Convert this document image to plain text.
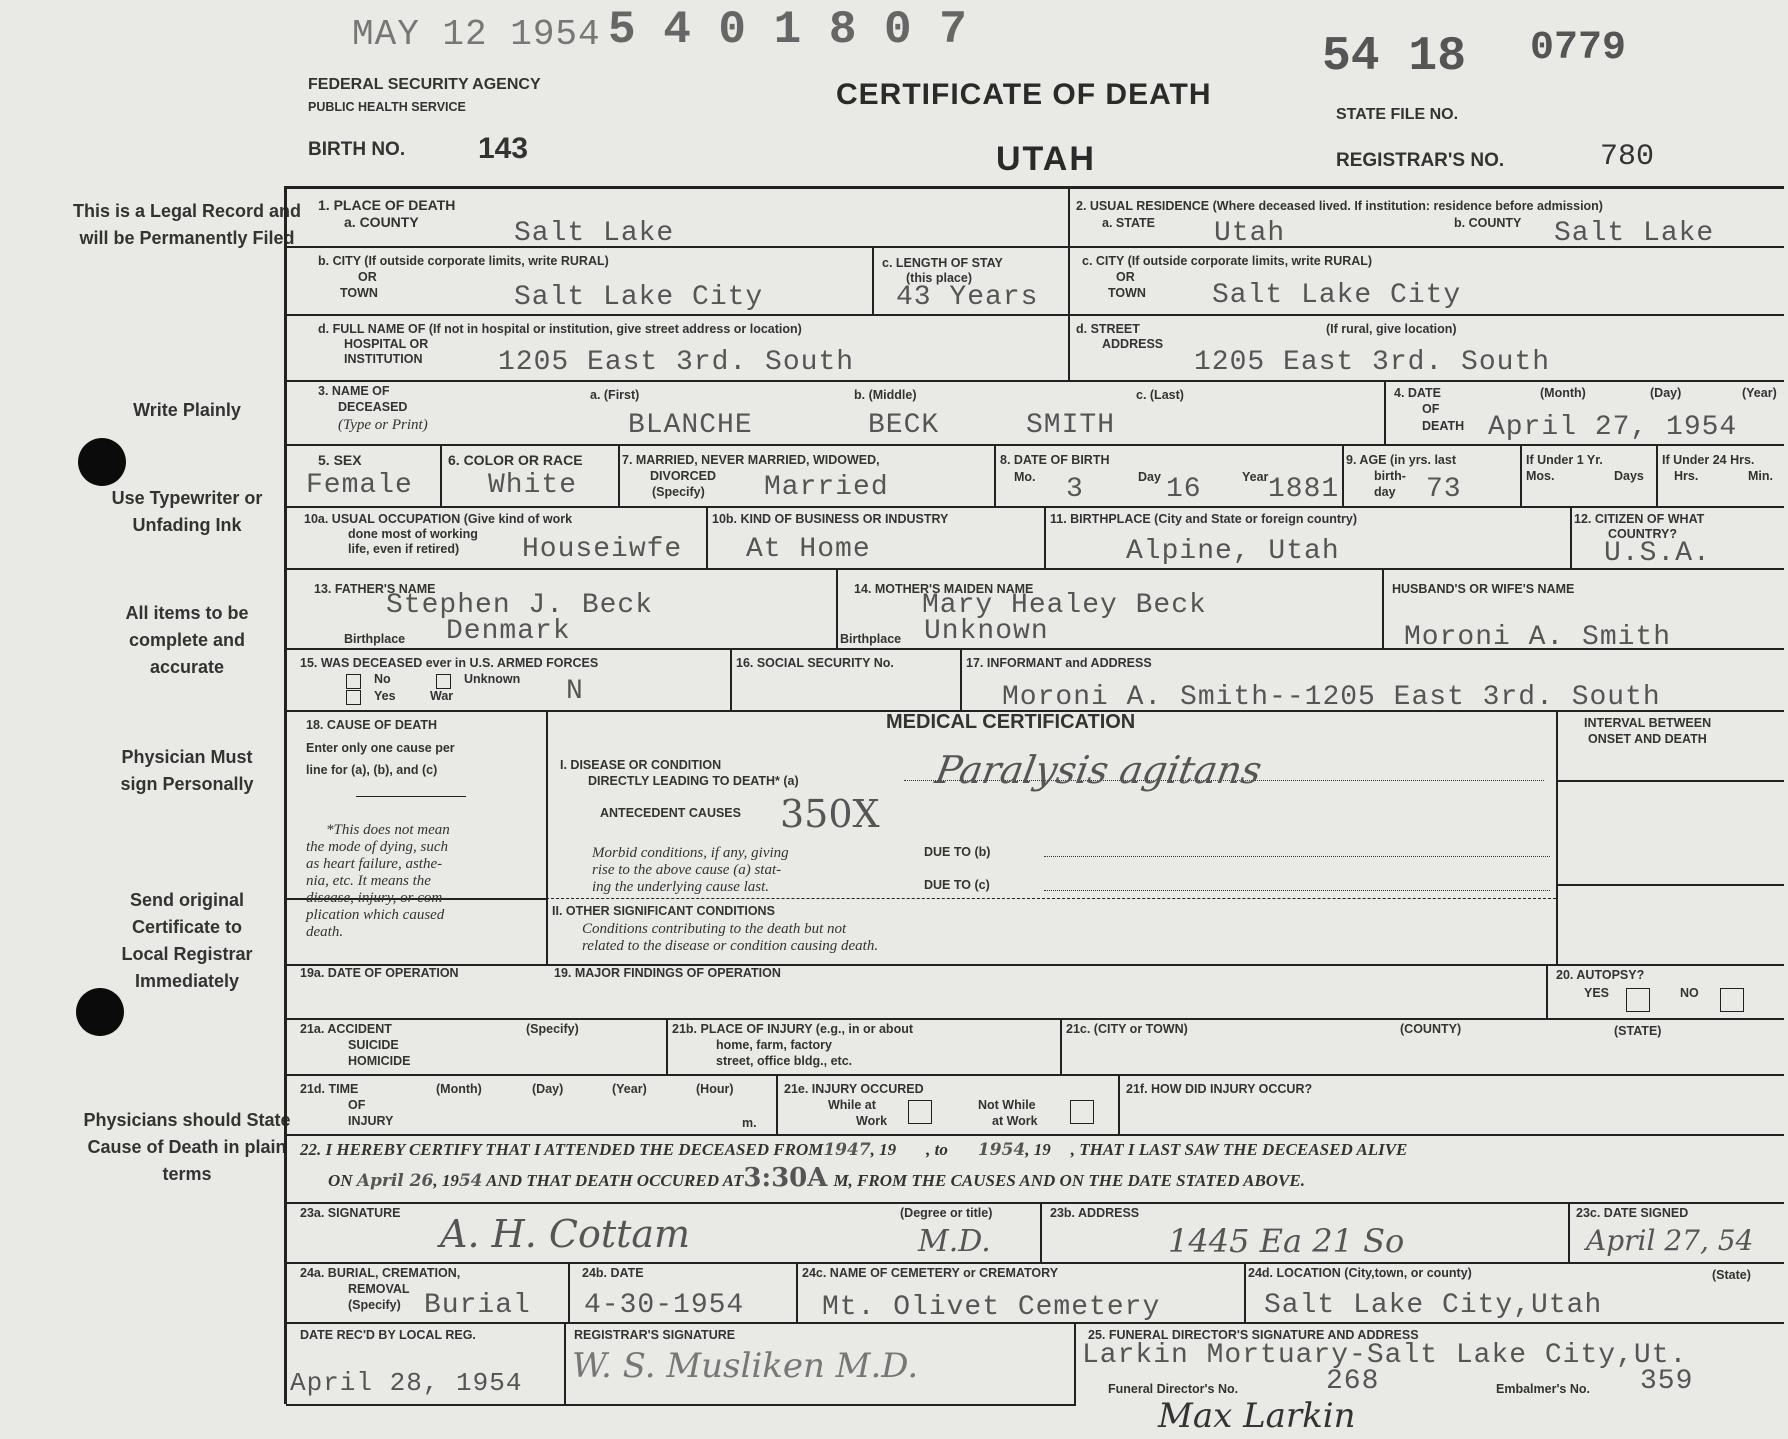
MAY 12 1954 5 4 0 1 8 0 7
FEDERAL SECURITY AGENCY
PUBLIC HEALTH SERVICE
BIRTH NO. 143
CERTIFICATE OF DEATH
UTAH
54 18 0779
STATE FILE NO.
REGISTRAR'S NO.	780
This is a Legal Record and will be Permanently Filed
Write Plainly
Use Typewriter or Unfading Ink
All items to be complete and accurate
Physician Must sign Personally
Send original Certificate to Local Registrar Immediately
Physicians should State Cause of Death in plain terms
1. PLACE OF DEATH
a. COUNTY	Salt Lake
b. CITY (If outside corporate limits, write RURAL)
OR
TOWN	Salt Lake City
c. LENGTH OF STAY
(this place)
43 Years
d. FULL NAME OF (If not in hospital or institution, give street address or location)
HOSPITAL OR
INSTITUTION	1205 East 3rd. South
2. USUAL RESIDENCE (Where deceased lived. If institution: residence before admission)
a. STATE Utah	b. COUNTY Salt Lake
c. CITY (If outside corporate limits, write RURAL)
OR
TOWN Salt Lake City
d. STREET
ADDRESS
(If rural, give location)
1205 East 3rd. South
3. NAME OF
DECEASED
(Type or Print)
a. (First)	b. (Middle)	c. (Last)
BLANCHE	BECK	SMITH
4. DATE
OF
DEATH
(Month)	(Day)	(Year)
April 27, 1954
5. SEX
Female
6. COLOR OR RACE
White
7. MARRIED, NEVER MARRIED, WIDOWED,
DIVORCED
(Specify) Married
8. DATE OF BIRTH
Mo.	Day	Year
3	16 1881
9. AGE (in yrs. last
birth-
day 73
If Under 1 Yr.
Mos.	Days
If Under 24 Hrs.
Hrs.	Min.
10a. USUAL OCCUPATION (Give kind of work
done most of working
life, even if retired) Houseiwfe
10b. KIND OF BUSINESS OR INDUSTRY
At Home
11. BIRTHPLACE (City and State or foreign country)
Alpine, Utah
12. CITIZEN OF WHAT
COUNTRY?
U.S.A.
13. FATHER'S NAME
Stephen J. Beck
Birthplace Denmark
14. MOTHER'S MAIDEN NAME
Mary Healey Beck
Birthplace Unknown
HUSBAND'S OR WIFE'S NAME
Moroni A. Smith
15. WAS DECEASED ever in U.S. ARMED FORCES
No	Unknown
Yes	War	N
16. SOCIAL SECURITY No.	17. INFORMANT and ADDRESS
Moroni A. Smith--1205 East 3rd. South
18. CAUSE OF DEATH
Enter only one cause per
line for (a), (b), and (c)
*This does not mean
the mode of dying, such
as heart failure, asthe-
nia, etc. It means the
disease, injury, or com-
plication which caused
death.
MEDICAL CERTIFICATION	INTERVAL BETWEEN
ONSET AND DEATH
I. DISEASE OR CONDITION
DIRECTLY LEADING TO DEATH* (a)	Paralysis agitans
ANTECEDENT CAUSES 350X
Morbid conditions, if any, giving
rise to the above cause (a) stat-
ing the underlying cause last.
DUE TO (b)
DUE TO (c)
II. OTHER SIGNIFICANT CONDITIONS
Conditions contributing to the death but not
related to the disease or condition causing death.
19a. DATE OF OPERATION	19. MAJOR FINDINGS OF OPERATION	20. AUTOPSY?
YES	NO
21a. ACCIDENT
SUICIDE
HOMICIDE
(Specify)	21b. PLACE OF INJURY (e.g., in or about
home, farm, factory
street, office bldg., etc.
21c. (CITY or TOWN)	(COUNTY)	(STATE)
21d. TIME
OF
INJURY
(Month)	(Day)	(Year)	(Hour)
m.
21e. INJURY OCCURED
While at
Work
Not While
at Work
21f. HOW DID INJURY OCCUR?
22. I HEREBY CERTIFY THAT I ATTENDED THE DECEASED FROM1947, 19 , to 1954, 19 , THAT I LAST SAW THE DECEASED ALIVE
ON April 26, 1954 AND THAT DEATH OCCURED AT3:30A M, FROM THE CAUSES AND ON THE DATE STATED ABOVE.
23a. SIGNATURE A. H. Cottam	(Degree or title)
M.D.
23b. ADDRESS
1445 Ea 21 So
23c. DATE SIGNED
April 27, 54
24a. BURIAL, CREMATION,
REMOVAL
(Specify) Burial
24b. DATE
4-30-1954
24c. NAME OF CEMETERY or CREMATORY
Mt. Olivet Cemetery
24d. LOCATION (City,town, or county)	(State)
Salt Lake City,Utah
DATE REC'D BY LOCAL REG.
April 28, 1954
REGISTRAR'S SIGNATURE
W. S. Musliken M.D.
25. FUNERAL DIRECTOR'S SIGNATURE AND ADDRESS
Larkin Mortuary-Salt Lake City,Ut.
Funeral Director's No.	268	Embalmer's No. 359
Max Larkin
